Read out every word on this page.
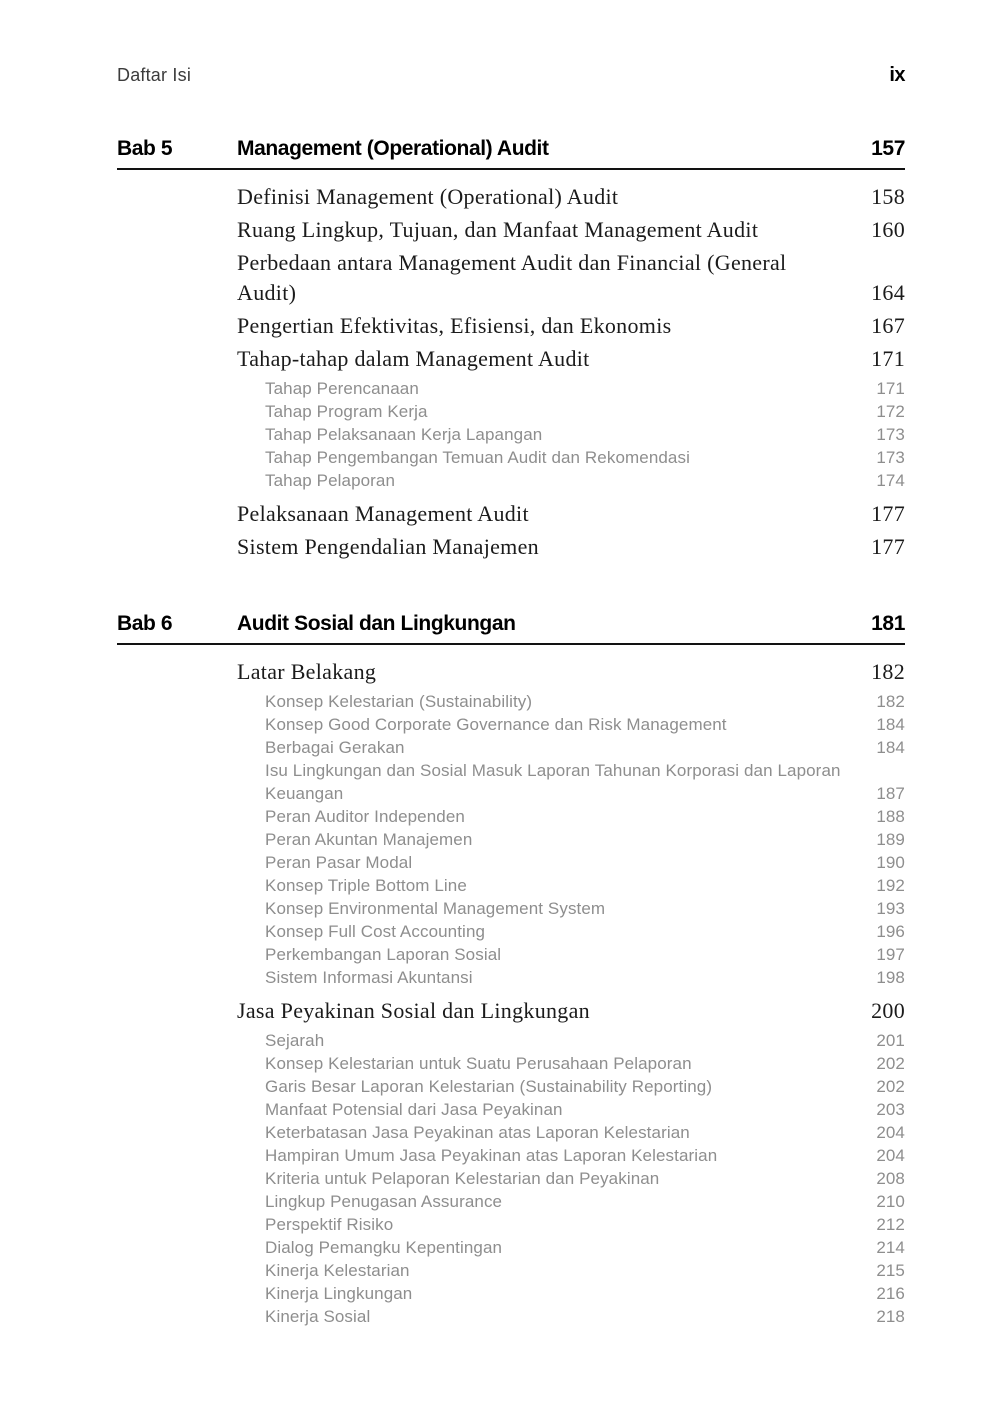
Daftar Isi	ix
Bab 5	Management (Operational) Audit	157
Definisi Management (Operational) Audit	158
Ruang Lingkup, Tujuan, dan Manfaat Management Audit	160
Perbedaan antara Management Audit dan Financial (General Audit)	164
Pengertian Efektivitas, Efisiensi, dan Ekonomis	167
Tahap-tahap dalam Management Audit	171
Tahap Perencanaan	171
Tahap Program Kerja	172
Tahap Pelaksanaan Kerja Lapangan	173
Tahap Pengembangan Temuan Audit dan Rekomendasi	173
Tahap Pelaporan	174
Pelaksanaan Management Audit	177
Sistem Pengendalian Manajemen	177
Bab 6	Audit Sosial dan Lingkungan	181
Latar Belakang	182
Konsep Kelestarian (Sustainability)	182
Konsep Good Corporate Governance dan Risk Management	184
Berbagai Gerakan	184
Isu Lingkungan dan Sosial Masuk Laporan Tahunan Korporasi dan Laporan Keuangan	187
Peran Auditor Independen	188
Peran Akuntan Manajemen	189
Peran Pasar Modal	190
Konsep Triple Bottom Line	192
Konsep Environmental Management System	193
Konsep Full Cost Accounting	196
Perkembangan Laporan Sosial	197
Sistem Informasi Akuntansi	198
Jasa Peyakinan Sosial dan Lingkungan	200
Sejarah	201
Konsep Kelestarian untuk Suatu Perusahaan Pelaporan	202
Garis Besar Laporan Kelestarian (Sustainability Reporting)	202
Manfaat Potensial dari Jasa Peyakinan	203
Keterbatasan Jasa Peyakinan atas Laporan Kelestarian	204
Hampiran Umum Jasa Peyakinan atas Laporan Kelestarian	204
Kriteria untuk Pelaporan Kelestarian dan Peyakinan	208
Lingkup Penugasan Assurance	210
Perspektif Risiko	212
Dialog Pemangku Kepentingan	214
Kinerja Kelestarian	215
Kinerja Lingkungan	216
Kinerja Sosial	218
